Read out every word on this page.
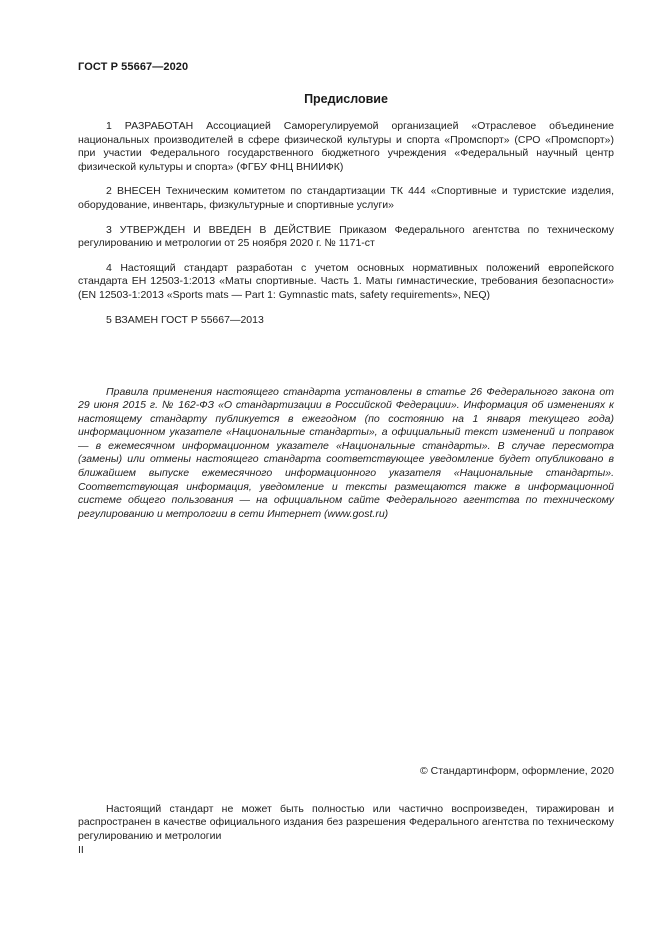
ГОСТ Р 55667—2020
Предисловие

1 РАЗРАБОТАН Ассоциацией Саморегулируемой организацией «Отраслевое объединение национальных производителей в сфере физической культуры и спорта «Промспорт» (СРО «Промспорт») при участии Федерального государственного бюджетного учреждения «Федеральный научный центр физической культуры и спорта» (ФГБУ ФНЦ ВНИИФК)

2 ВНЕСЕН Техническим комитетом по стандартизации ТК 444 «Спортивные и туристские изделия, оборудование, инвентарь, физкультурные и спортивные услуги»

3 УТВЕРЖДЕН И ВВЕДЕН В ДЕЙСТВИЕ Приказом Федерального агентства по техническому регулированию и метрологии от 25 ноября 2020 г. № 1171-ст

4 Настоящий стандарт разработан с учетом основных нормативных положений европейского стандарта ЕН 12503-1:2013 «Маты спортивные. Часть 1. Маты гимнастические, требования безопасности» (EN 12503-1:2013 «Sports mats — Part 1: Gymnastic mats, safety requirements», NEQ)

5 ВЗАМЕН ГОСТ Р 55667—2013

Правила применения настоящего стандарта установлены в статье 26 Федерального закона от 29 июня 2015 г. № 162-ФЗ «О стандартизации в Российской Федерации». Информация об изменениях к настоящему стандарту публикуется в ежегодном (по состоянию на 1 января текущего года) информационном указателе «Национальные стандарты», а официальный текст изменений и поправок — в ежемесячном информационном указателе «Национальные стандарты». В случае пересмотра (замены) или отмены настоящего стандарта соответствующее уведомление будет опубликовано в ближайшем выпуске ежемесячного информационного указателя «Национальные стандарты». Соответствующая информация, уведомление и тексты размещаются также в информационной системе общего пользования — на официальном сайте Федерального агентства по техническому регулированию и метрологии в сети Интернет (www.gost.ru)

© Стандартинформ, оформление, 2020

Настоящий стандарт не может быть полностью или частично воспроизведен, тиражирован и распространен в качестве официального издания без разрешения Федерального агентства по техническому регулированию и метрологии

II
